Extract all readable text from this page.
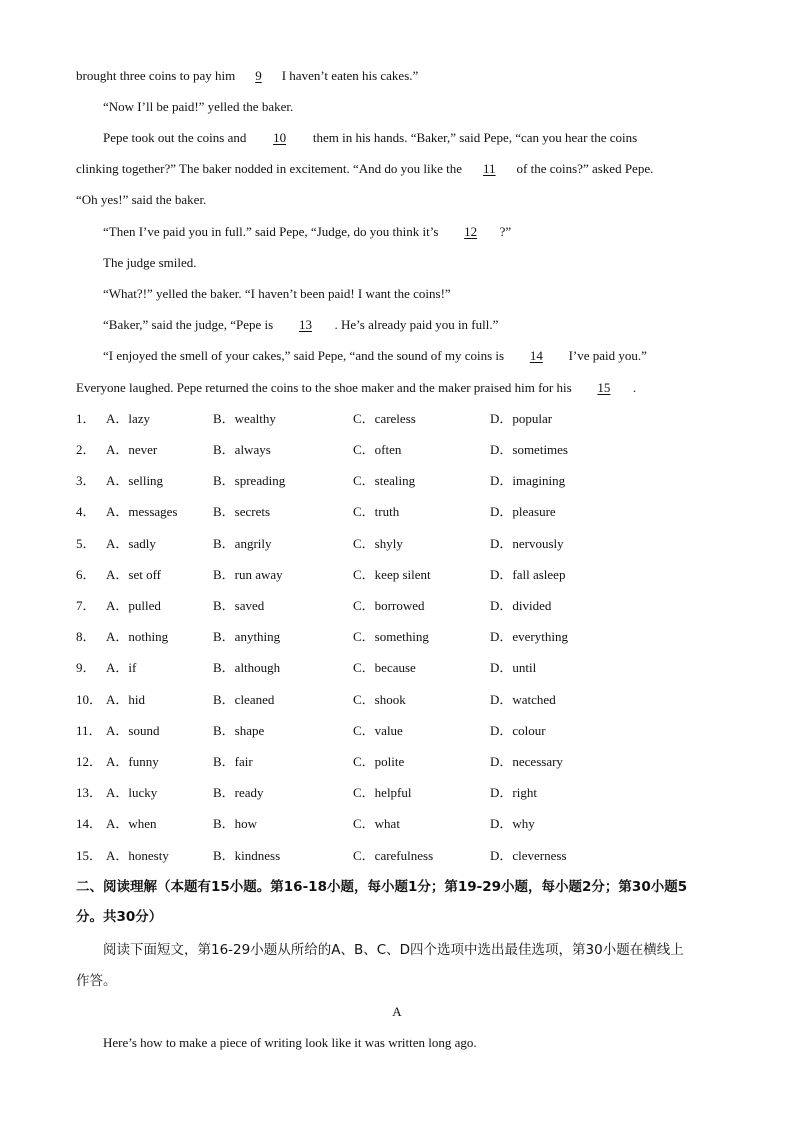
brought three coins to pay him 9 I haven’t eaten his cakes.”
“Now I’ll be paid!” yelled the baker.
Pepe took out the coins and 10 them in his hands. “Baker,” said Pepe, “can you hear the coins
clinking together?” The baker nodded in excitement. “And do you like the 11 of the coins?” asked Pepe.
“Oh yes!” said the baker.
“Then I’ve paid you in full.” said Pepe, “Judge, do you think it’s 12 ?”
The judge smiled.
“What?!” yelled the baker. “I haven’t been paid! I want the coins!”
“Baker,” said the judge, “Pepe is 13 . He’s already paid you in full.”
“I enjoyed the smell of your cakes,” said Pepe, “and the sound of my coins is 14 I’ve paid you.”
Everyone laughed. Pepe returned the coins to the shoe maker and the maker praised him for his 15 .
1． A．lazy	B．wealthy	C．careless	D．popular
2． A．never	B．always	C．often	D．sometimes
3． A．selling	B．spreading	C．stealing	D．imagining
4． A．messages	B．secrets	C．truth	D．pleasure
5． A．sadly	B．angrily	C．shyly	D．nervously
6． A．set off	B．run away	C．keep silent	D．fall asleep
7． A．pulled	B．saved	C．borrowed	D．divided
8． A．nothing	B．anything	C．something	D．everything
9． A．if	B．although	C．because	D．until
10． A．hid	B．cleaned	C．shook	D．watched
11． A．sound	B．shape	C．value	D．colour
12． A．funny	B．fair	C．polite	D．necessary
13． A．lucky	B．ready	C．helpful	D．right
14． A．when	B．how	C．what	D．why
15． A．honesty	B．kindness	C．carefulness	D．cleverness
二、阅读理解（本题有15小题。第16-18小题，每小题1分；第19-29小题，每小题2分；第30小题5
分。共30分）
阅读下面短文，第16-29小题从所给的A、B、C、D四个选项中选出最佳选项，第30小题在横线上
作答。
A
Here’s how to make a piece of writing look like it was written long ago.
